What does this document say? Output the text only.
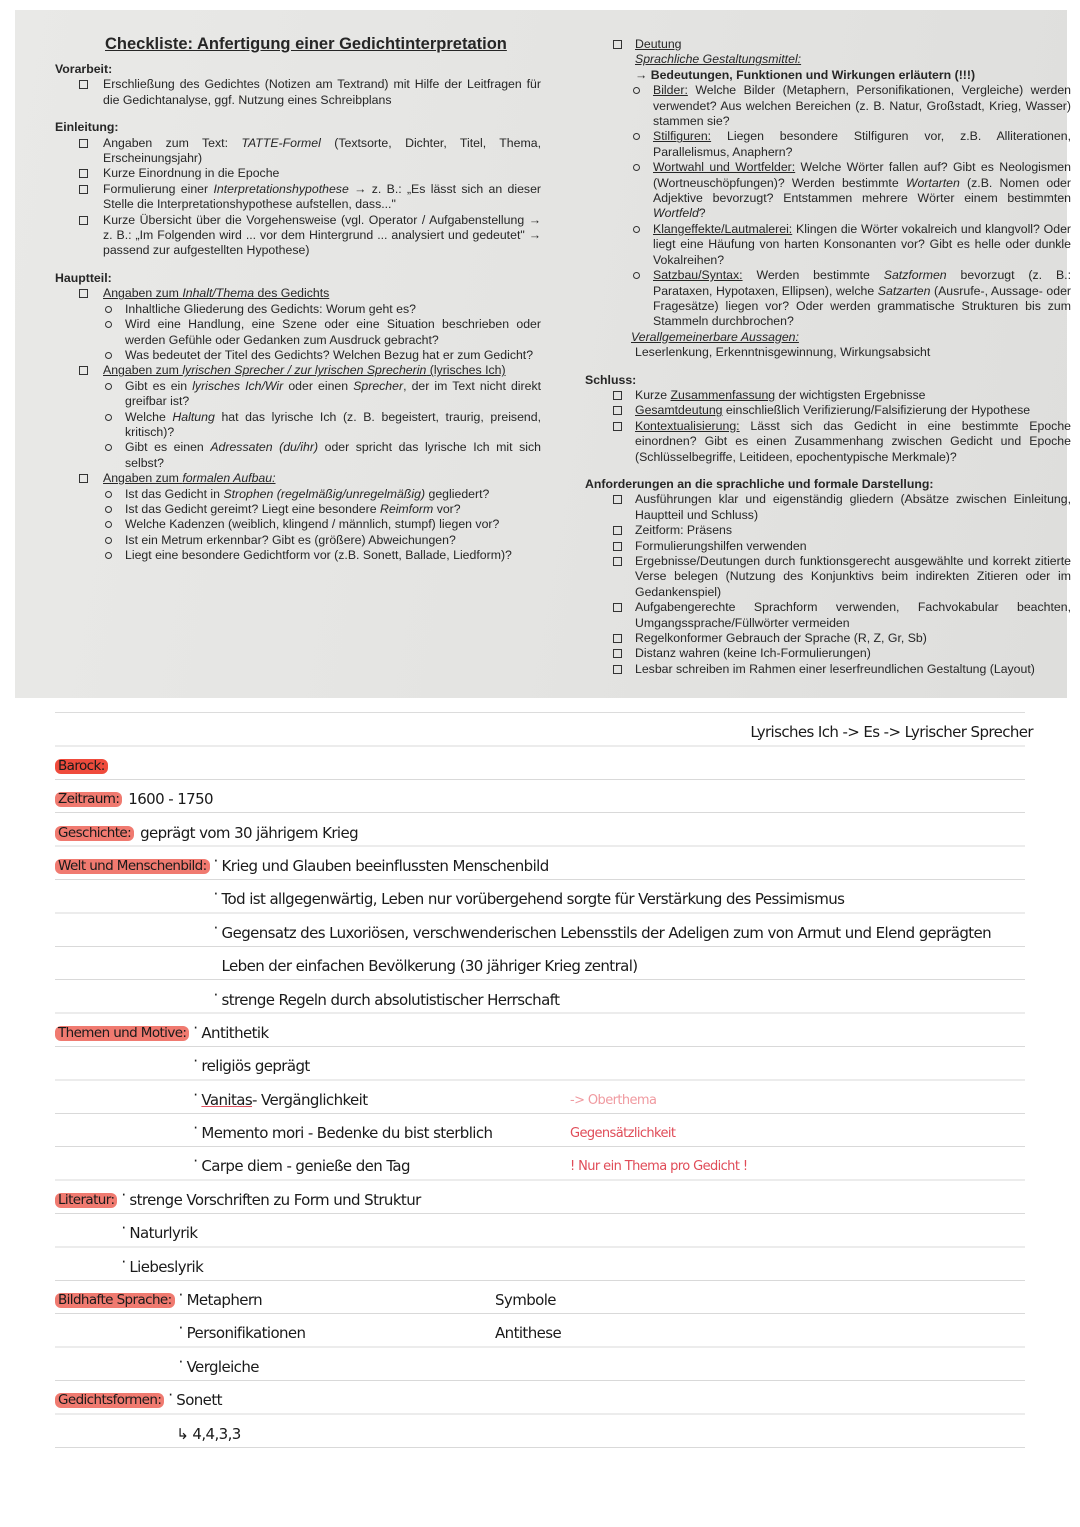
Checkliste: Anfertigung einer Gedichtinterpretation
Vorarbeit:
Erschließung des Gedichtes (Notizen am Textrand) mit Hilfe der Leitfragen für die Gedichtanalyse, ggf. Nutzung eines Schreibplans
Einleitung:
Angaben zum Text: TATTE-Formel (Textsorte, Dichter, Titel, Thema, Erscheinungsjahr)
Kurze Einordnung in die Epoche
Formulierung einer Interpretationshypothese → z. B.: „Es lässt sich an dieser Stelle die Interpretationshypothese aufstellen, dass..."
Kurze Übersicht über die Vorgehensweise (vgl. Operator / Aufgabenstellung → z. B.: „Im Folgenden wird ... vor dem Hintergrund ... analysiert und gedeutet" → passend zur aufgestellten Hypothese)
Hauptteil:
Angaben zum Inhalt/Thema des Gedichts
Inhaltliche Gliederung des Gedichts: Worum geht es?
Wird eine Handlung, eine Szene oder eine Situation beschrieben oder werden Gefühle oder Gedanken zum Ausdruck gebracht?
Was bedeutet der Titel des Gedichts? Welchen Bezug hat er zum Gedicht?
Angaben zum lyrischen Sprecher / zur lyrischen Sprecherin (lyrisches Ich)
Gibt es ein lyrisches Ich/Wir oder einen Sprecher, der im Text nicht direkt greifbar ist?
Welche Haltung hat das lyrische Ich (z. B. begeistert, traurig, preisend, kritisch)?
Gibt es einen Adressaten (du/ihr) oder spricht das lyrische Ich mit sich selbst?
Angaben zum formalen Aufbau:
Ist das Gedicht in Strophen (regelmäßig/unregelmäßig) gegliedert?
Ist das Gedicht gereimt? Liegt eine besondere Reimform vor?
Welche Kadenzen (weiblich, klingend / männlich, stumpf) liegen vor?
Ist ein Metrum erkennbar? Gibt es (größere) Abweichungen?
Liegt eine besondere Gedichtform vor (z.B. Sonett, Ballade, Liedform)?
Deutung
Sprachliche Gestaltungsmittel:
→ Bedeutungen, Funktionen und Wirkungen erläutern (!!!)
Bilder: Welche Bilder (Metaphern, Personifikationen, Vergleiche) werden verwendet? Aus welchen Bereichen (z. B. Natur, Großstadt, Krieg, Wasser) stammen sie?
Stilfiguren: Liegen besondere Stilfiguren vor, z.B. Alliterationen, Parallelismus, Anaphern?
Wortwahl und Wortfelder: Welche Wörter fallen auf? Gibt es Neologismen (Wortneuschöpfungen)? Werden bestimmte Wortarten (z.B. Nomen oder Adjektive bevorzugt? Entstammen mehrere Wörter einem bestimmten Wortfeld?
Klangeffekte/Lautmalerei: Klingen die Wörter vokalreich und klangvoll? Oder liegt eine Häufung von harten Konsonanten vor? Gibt es helle oder dunkle Vokalreihen?
Satzbau/Syntax: Werden bestimmte Satzformen bevorzugt (z. B.: Parataxen, Hypotaxen, Ellipsen), welche Satzarten (Ausrufe-, Aussage- oder Fragesätze) liegen vor? Oder werden grammatische Strukturen bis zum Stammeln durchbrochen?
Verallgemeinerbare Aussagen:
Leserlenkung, Erkenntnisgewinnung, Wirkungsabsicht
Schluss:
Kurze Zusammenfassung der wichtigsten Ergebnisse
Gesamtdeutung einschließlich Verifizierung/Falsifizierung der Hypothese
Kontextualisierung: Lässt sich das Gedicht in eine bestimmte Epoche einordnen? Gibt es einen Zusammenhang zwischen Gedicht und Epoche (Schlüsselbegriffe, Leitideen, epochentypische Merkmale)?
Anforderungen an die sprachliche und formale Darstellung:
Ausführungen klar und eigenständig gliedern (Absätze zwischen Einleitung, Hauptteil und Schluss)
Zeitform: Präsens
Formulierungshilfen verwenden
Ergebnisse/Deutungen durch funktionsgerecht ausgewählte und korrekt zitierte Verse belegen (Nutzung des Konjunktivs beim indirekten Zitieren oder im Gedankenspiel)
Aufgabengerechte Sprachform verwenden, Fachvokabular beachten, Umgangssprache/Füllwörter vermeiden
Regelkonformer Gebrauch der Sprache (R, Z, Gr, Sb)
Distanz wahren (keine Ich-Formulierungen)
Lesbar schreiben im Rahmen einer leserfreundlichen Gestaltung (Layout)
Lyrisches Ich -> Es -> Lyrischer Sprecher
Barock:
Zeitraum: 1600 - 1750
Geschichte: geprägt vom 30 jährigem Krieg
Welt und Menschenbild: · Krieg und Glauben beeinflussten Menschenbild
· Tod ist allgegenwärtig, Leben nur vorübergehend sorgte für Verstärkung des Pessimismus
· Gegensatz des Luxoriösen, verschwenderischen Lebensstils der Adeligen zum von Armut und Elend geprägten
Leben der einfachen Bevölkerung (30 jähriger Krieg zentral)
· strenge Regeln durch absolutistischer Herrschaft
Themen und Motive: · Antithetik
· religiös geprägt
· Vanitas - Vergänglichkeit	-> Oberthema
· Memento mori - Bedenke du bist sterblich	Gegensätzlichkeit
· Carpe diem - genieße den Tag	! Nur ein Thema pro Gedicht !
Literatur: · strenge Vorschriften zu Form und Struktur
· Naturlyrik
· Liebeslyrik
Bildhafte Sprache: · Metaphern	Symbole
· Personifikationen	Antithese
· Vergleiche
Gedichtsformen: · Sonett
↳ 4,4,3,3
